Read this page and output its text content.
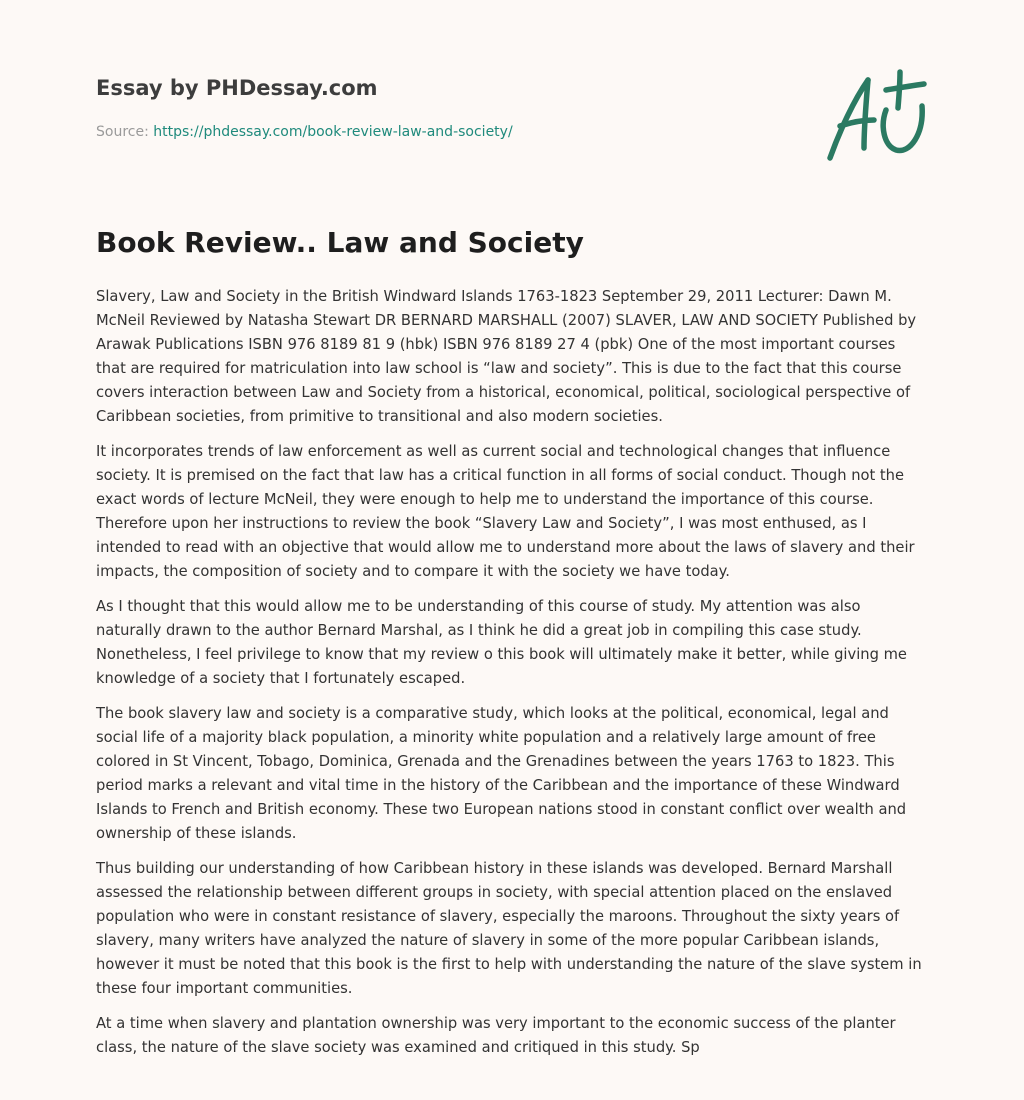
Essay by PHDessay.com
Source: https://phdessay.com/book-review-law-and-society/
Book Review.. Law and Society

Slavery, Law and Society in the British Windward Islands 1763-1823 September 29, 2011 Lecturer: Dawn M. McNeil Reviewed by Natasha Stewart DR BERNARD MARSHALL (2007) SLAVER, LAW AND SOCIETY Published by Arawak Publications ISBN 976 8189 81 9 (hbk) ISBN 976 8189 27 4 (pbk) One of the most important courses that are required for matriculation into law school is “law and society”. This is due to the fact that this course covers interaction between Law and Society from a historical, economical, political, sociological perspective of Caribbean societies, from primitive to transitional and also modern societies.

It incorporates trends of law enforcement as well as current social and technological changes that influence society. It is premised on the fact that law has a critical function in all forms of social conduct. Though not the exact words of lecture McNeil, they were enough to help me to understand the importance of this course. Therefore upon her instructions to review the book “Slavery Law and Society”, I was most enthused, as I intended to read with an objective that would allow me to understand more about the laws of slavery and their impacts, the composition of society and to compare it with the society we have today.

As I thought that this would allow me to be understanding of this course of study. My attention was also naturally drawn to the author Bernard Marshal, as I think he did a great job in compiling this case study. Nonetheless, I feel privilege to know that my review o this book will ultimately make it better, while giving me knowledge of a society that I fortunately escaped.

The book slavery law and society is a comparative study, which looks at the political, economical, legal and social life of a majority black population, a minority white population and a relatively large amount of free colored in St Vincent, Tobago, Dominica, Grenada and the Grenadines between the years 1763 to 1823. This period marks a relevant and vital time in the history of the Caribbean and the importance of these Windward Islands to French and British economy. These two European nations stood in constant conflict over wealth and ownership of these islands.

Thus building our understanding of how Caribbean history in these islands was developed. Bernard Marshall assessed the relationship between different groups in society, with special attention placed on the enslaved population who were in constant resistance of slavery, especially the maroons. Throughout the sixty years of slavery, many writers have analyzed the nature of slavery in some of the more popular Caribbean islands, however it must be noted that this book is the first to help with understanding the nature of the slave system in these four important communities.

At a time when slavery and plantation ownership was very important to the economic success of the planter class, the nature of the slave society was examined and critiqued in this study. Sp
